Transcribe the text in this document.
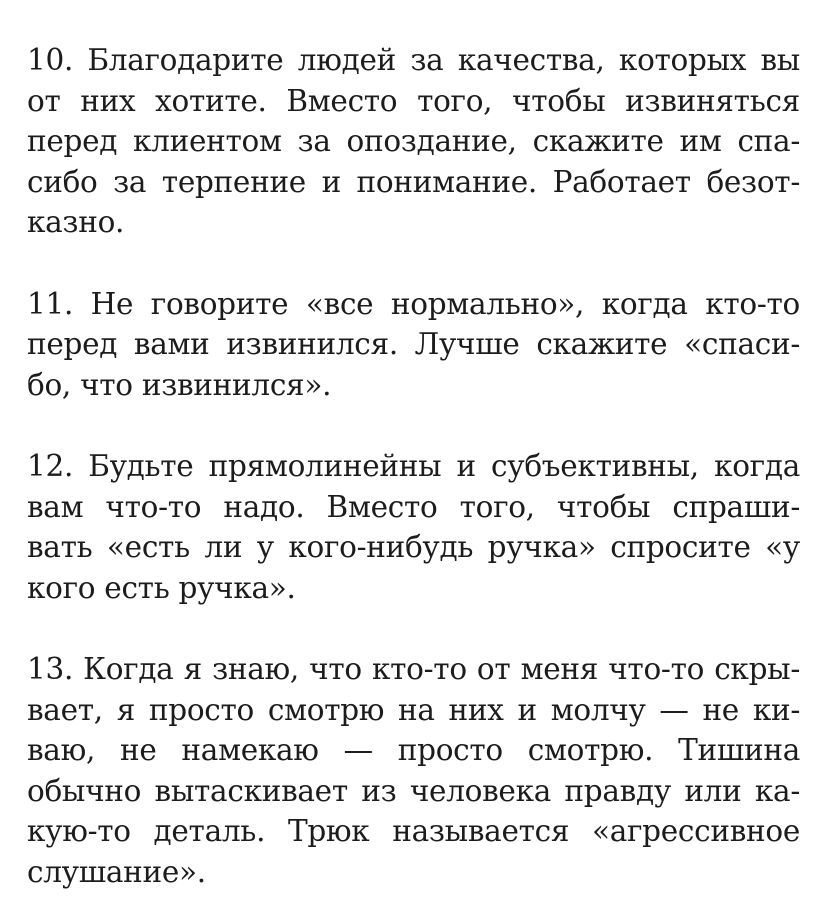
10. Благодарите людей за качества, которых вы
от них хотите. Вместо того, чтобы извиняться
перед клиентом за опоздание, скажите им спа-
сибо за терпение и понимание. Работает безот-
казно.
11. Не говорите «все нормально», когда кто-то
перед вами извинился. Лучше скажите «спаси-
бо, что извинился».
12. Будьте прямолинейны и субъективны, когда
вам что-то надо. Вместо того, чтобы спраши-
вать «есть ли у кого-нибудь ручка» спросите «у
кого есть ручка».
13. Когда я знаю, что кто-то от меня что-то скры-
вает, я просто смотрю на них и молчу — не ки-
ваю, не намекаю — просто смотрю. Тишина
обычно вытаскивает из человека правду или ка-
кую-то деталь. Трюк называется «агрессивное
слушание».
